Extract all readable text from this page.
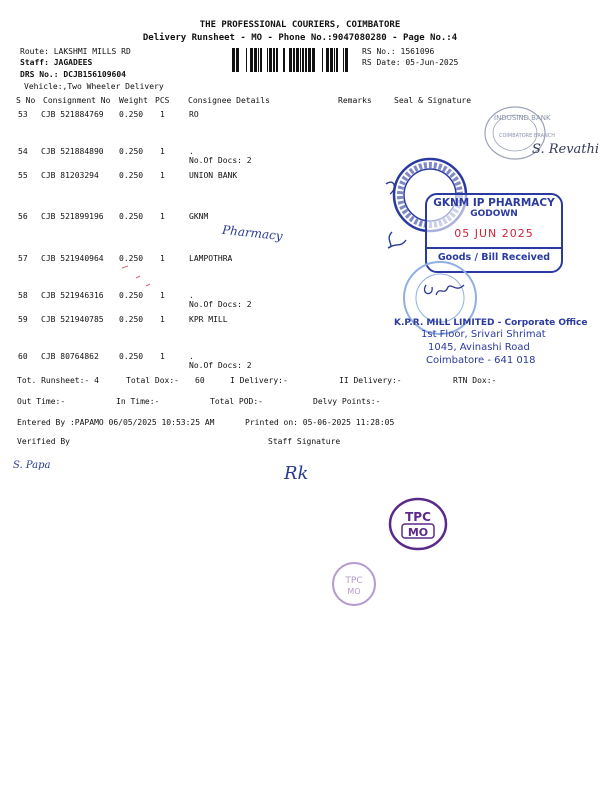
THE PROFESSIONAL COURIERS, COIMBATORE
Delivery Runsheet - MO - Phone No.:9047080280 - Page No.:4
Route: LAKSHMI MILLS RD
Staff: JAGADEES
DRS No.: DCJB156109604
Vehicle:,Two Wheeler Delivery
RS No.: 1561096
RS Date: 05-Jun-2025
S No Consignment No Weight PCS Consignee Details	Remarks	Seal & Signature
53 CJB 521884769 0.250 1	RO
54 CJB 521884890 0.250 1	.
No.Of Docs: 2
55 CJB 81203294	0.250 1	UNION BANK
56 CJB 521899196 0.250 1	GKNM
57 CJB 521940964 0.250 1	LAMPOTHRA
58 CJB 521946316 0.250 1	.
No.Of Docs: 2
59 CJB 521940785 0.250 1	KPR MILL
60 CJB 80764862	0.250 1	.
No.Of Docs: 2
Tot. Runsheet:- 4	Total Dox:- 60	I Delivery:-	II Delivery:-	RTN Dox:-
Out Time:-	In Time:-	Total POD:-	Delvy Points:-
Entered By :PAPAMO 06/05/2025 10:53:25 AM	Printed on: 05-06-2025 11:28:05
Verified By	Staff Signature
INDUSIND BANK
COIMBATORE BRANCH
GKNM IP PHARMACY
GODOWN
05 JUN 2025
Goods / Bill Received
K.P.R. MILL LIMITED - Corporate Office
1st Floor, Srivari Shrimat
1045, Avinashi Road
Coimbatore - 641 018
TPC
MO
TPC
MO
S. Revathi
Pharmacy
S. Papa	Rk
